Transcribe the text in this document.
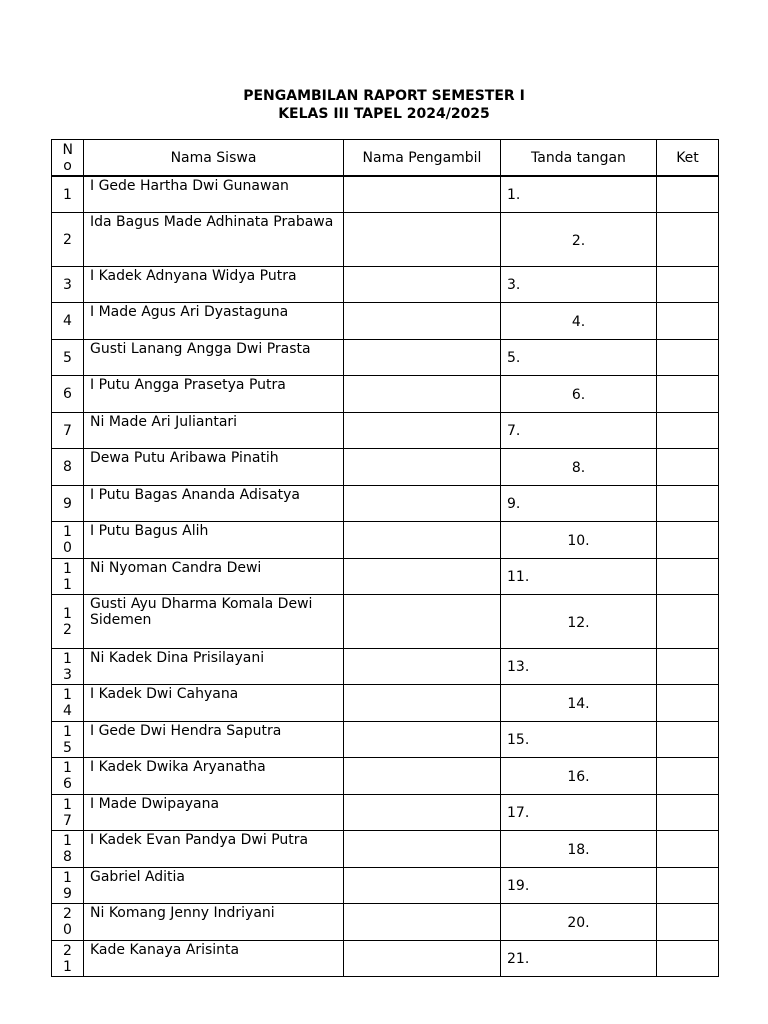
PENGAMBILAN RAPORT SEMESTER I
KELAS III TAPEL 2024/2025
No	Nama Siswa	Nama Pengambil	Tanda tangan	Ket
1	I Gede Hartha Dwi Gunawan		1.	
2	Ida Bagus Made Adhinata Prabawa		2.	
3	I Kadek Adnyana Widya Putra		3.	
4	I Made Agus Ari Dyastaguna		4.	
5	Gusti Lanang Angga Dwi Prasta		5.	
6	I Putu Angga Prasetya Putra		6.	
7	Ni Made Ari Juliantari		7.	
8	Dewa Putu Aribawa Pinatih		8.	
9	I Putu Bagas Ananda Adisatya		9.	
10	I Putu Bagus Alih		10.	
11	Ni Nyoman Candra Dewi		11.	
12	Gusti Ayu Dharma Komala Dewi Sidemen		12.	
13	Ni Kadek Dina Prisilayani		13.	
14	I Kadek Dwi Cahyana		14.	
15	I Gede Dwi Hendra Saputra		15.	
16	I Kadek Dwika Aryanatha		16.	
17	I Made Dwipayana		17.	
18	I Kadek Evan Pandya Dwi Putra		18.	
19	Gabriel Aditia		19.	
20	Ni Komang Jenny Indriyani		20.	
21	Kade Kanaya Arisinta		21.	
